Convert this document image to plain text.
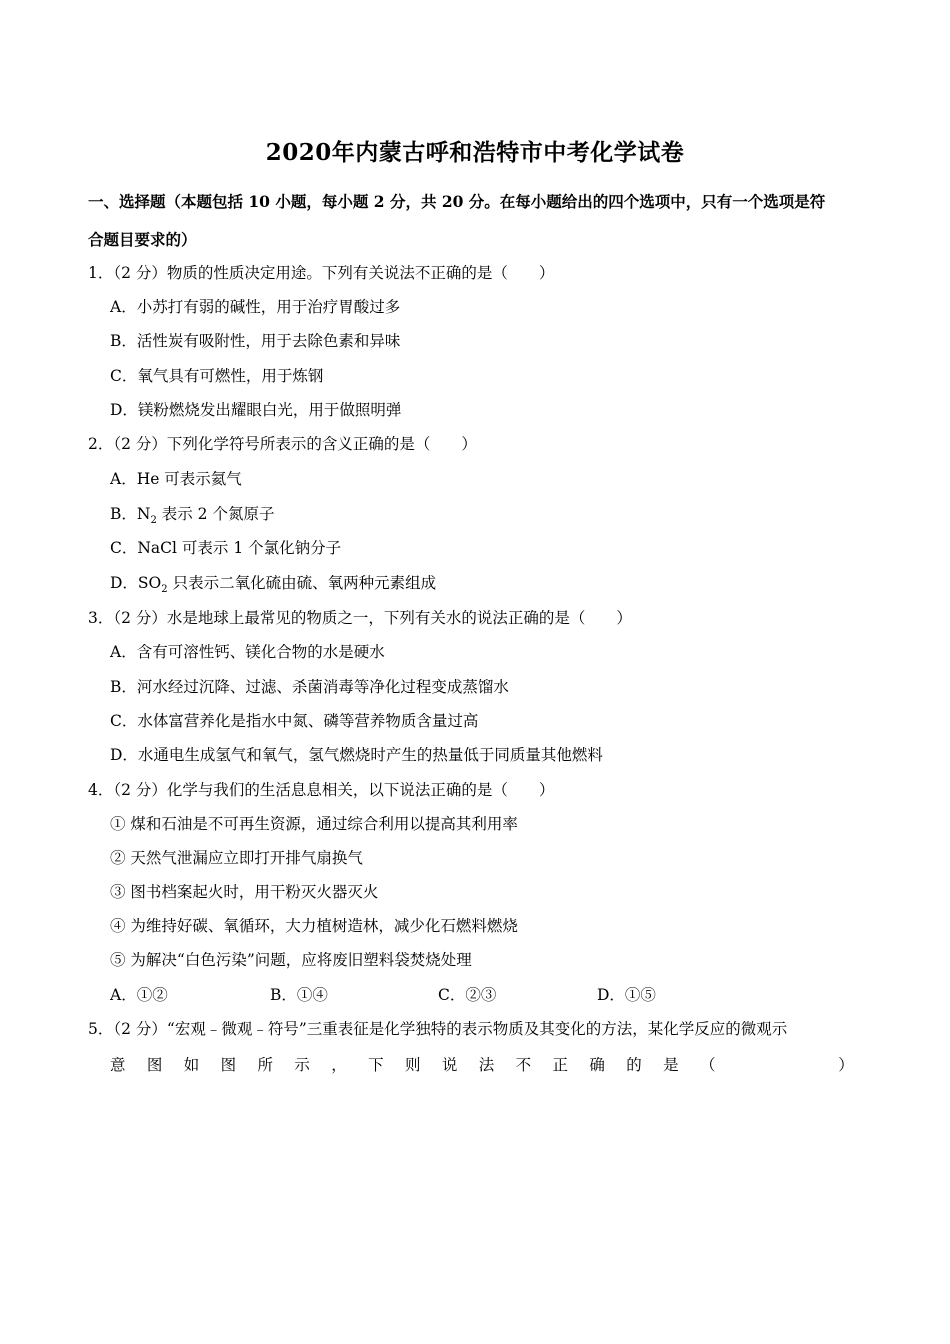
2020年内蒙古呼和浩特市中考化学试卷
一、选择题（本题包括 10 小题，每小题 2 分，共 20 分。在每小题给出的四个选项中，只有一个选项是符
合题目要求的）
1．（2 分）物质的性质决定用途。下列有关说法不正确的是（　　）
A．小苏打有弱的碱性，用于治疗胃酸过多
B．活性炭有吸附性，用于去除色素和异味
C．氧气具有可燃性，用于炼钢
D．镁粉燃烧发出耀眼白光，用于做照明弹
2．（2 分）下列化学符号所表示的含义正确的是（　　）
A．He 可表示氦气
B．$N_2$ 表示 2 个氮原子
C．NaCl 可表示 1 个氯化钠分子
D．$SO_2$ 只表示二氧化硫由硫、氧两种元素组成
3．（2 分）水是地球上最常见的物质之一，下列有关水的说法正确的是（　　）
A．含有可溶性钙、镁化合物的水是硬水
B．河水经过沉降、过滤、杀菌消毒等净化过程变成蒸馏水
C．水体富营养化是指水中氮、磷等营养物质含量过高
D．水通电生成氢气和氧气，氢气燃烧时产生的热量低于同质量其他燃料
4．（2 分）化学与我们的生活息息相关，以下说法正确的是（　　）
① 煤和石油是不可再生资源，通过综合利用以提高其利用率
② 天然气泄漏应立即打开排气扇换气
③ 图书档案起火时，用干粉灭火器灭火
④ 为维持好碳、氧循环，大力植树造林，减少化石燃料燃烧
⑤ 为解决“白色污染”问题，应将废旧塑料袋焚烧处理
A．①②	B．①④	C．②③	D．①⑤
5．（2 分）“宏观﹣微观﹣符号”三重表征是化学独特的表示物质及其变化的方法，某化学反应的微观示
意 图 如 图 所 示 ， 下 则 说 法 不 正 确 的 是 （	）
